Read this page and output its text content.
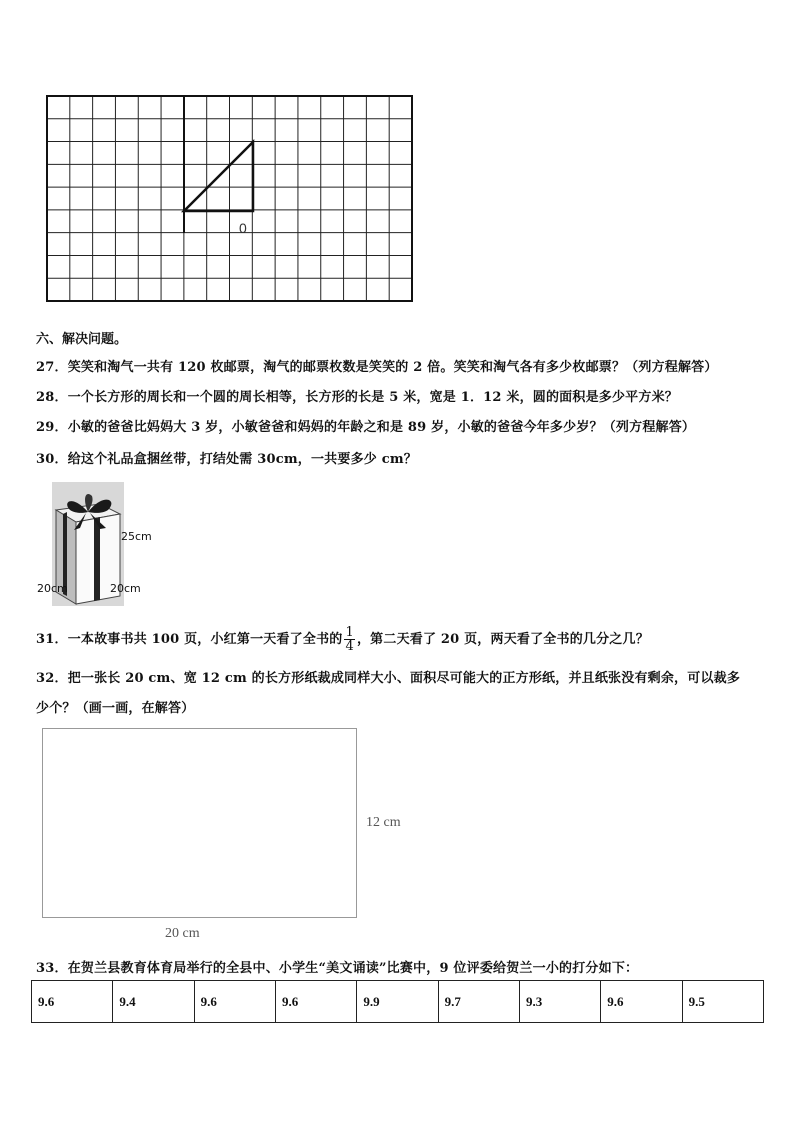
0
六、解决问题。
27．笑笑和淘气一共有 120 枚邮票，淘气的邮票枚数是笑笑的 2 倍。笑笑和淘气各有多少枚邮票？（列方程解答）
28．一个长方形的周长和一个圆的周长相等，长方形的长是 5 米，宽是 1．12 米，圆的面积是多少平方米？
29．小敏的爸爸比妈妈大 3 岁，小敏爸爸和妈妈的年龄之和是 89 岁，小敏的爸爸今年多少岁？（列方程解答）
30．给这个礼品盒捆丝带，打结处需 30cm，一共要多少 cm？
25cm
20cm	20cm
31．一本故事书共 100 页，小红第一天看了全书的 $\frac{1}{4}$ ，第二天看了 20 页，两天看了全书的几分之几？
32．把一张长 20 cm、宽 12 cm 的长方形纸裁成同样大小、面积尽可能大的正方形纸，并且纸张没有剩余，可以裁多
少个？（画一画，在解答）
12 cm
20 cm
33．在贺兰县教育体育局举行的全县中、小学生“美文诵读”比赛中，9 位评委给贺兰一小的打分如下：
9.6	9.4	9.6	9.6	9.9	9.7	9.3	9.6	9.5
